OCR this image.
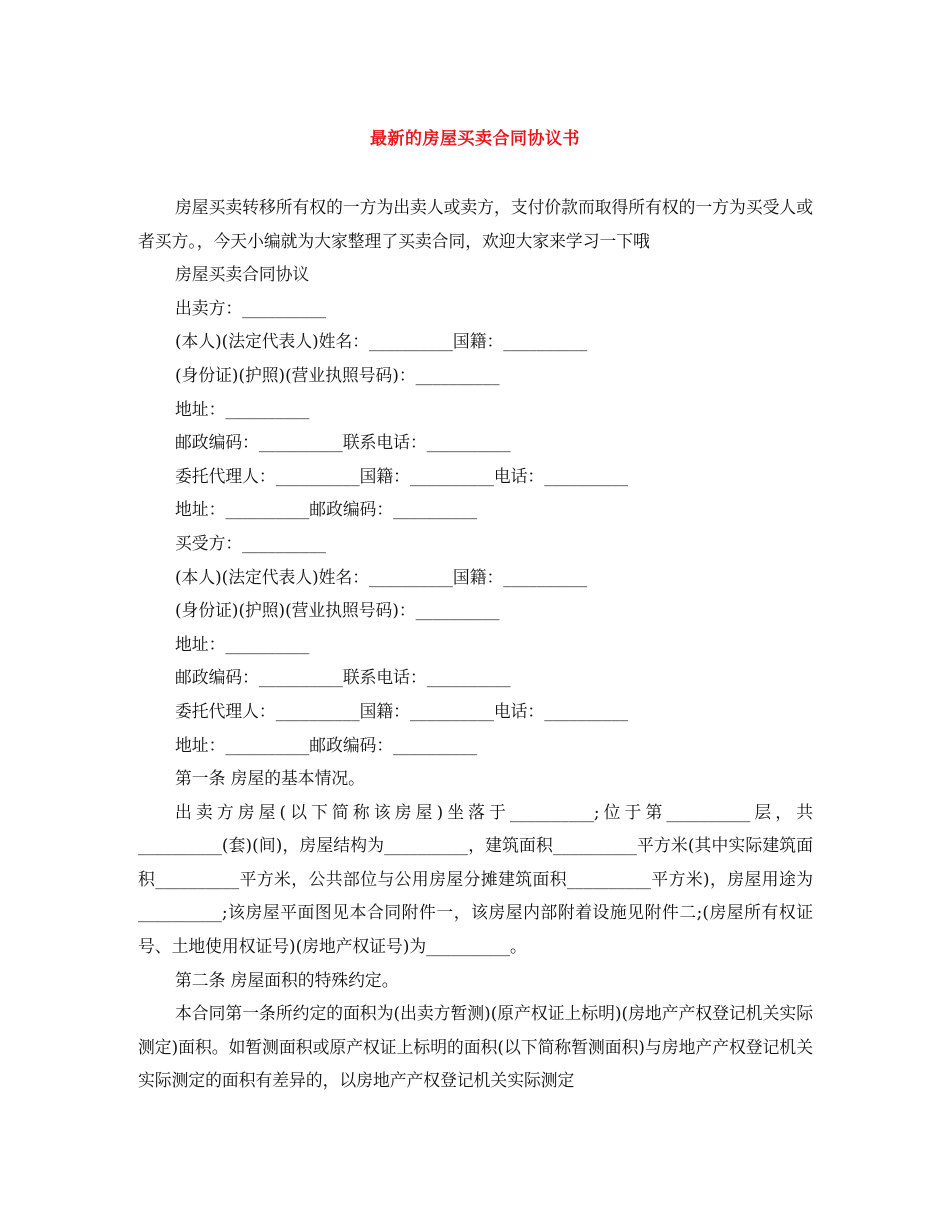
最新的房屋买卖合同协议书

房屋买卖转移所有权的一方为出卖人或卖方，支付价款而取得所有权的一方为买受人或者买方。，今天小编就为大家整理了买卖合同，欢迎大家来学习一下哦

房屋买卖合同协议

出卖方：__________

(本人)(法定代表人)姓名：__________国籍：__________

(身份证)(护照)(营业执照号码)：__________

地址：__________

邮政编码：__________联系电话：__________

委托代理人：__________国籍：__________电话：__________

地址：__________邮政编码：__________

买受方：__________

(本人)(法定代表人)姓名：__________国籍：__________

(身份证)(护照)(营业执照号码)：__________

地址：__________

邮政编码：__________联系电话：__________

委托代理人：__________国籍：__________电话：__________

地址：__________邮政编码：__________

第一条 房屋的基本情况。

出卖方房屋(以下简称该房屋)坐落于__________;位于第__________层，共__________(套)(间)，房屋结构为__________，建筑面积__________平方米(其中实际建筑面积__________平方米，公共部位与公用房屋分摊建筑面积__________平方米)，房屋用途为__________;该房屋平面图见本合同附件一，该房屋内部附着设施见附件二;(房屋所有权证号、土地使用权证号)(房地产权证号)为__________。

第二条 房屋面积的特殊约定。

本合同第一条所约定的面积为(出卖方暂测)(原产权证上标明)(房地产产权登记机关实际测定)面积。如暂测面积或原产权证上标明的面积(以下简称暂测面积)与房地产产权登记机关实际测定的面积有差异的，以房地产产权登记机关实际测定
